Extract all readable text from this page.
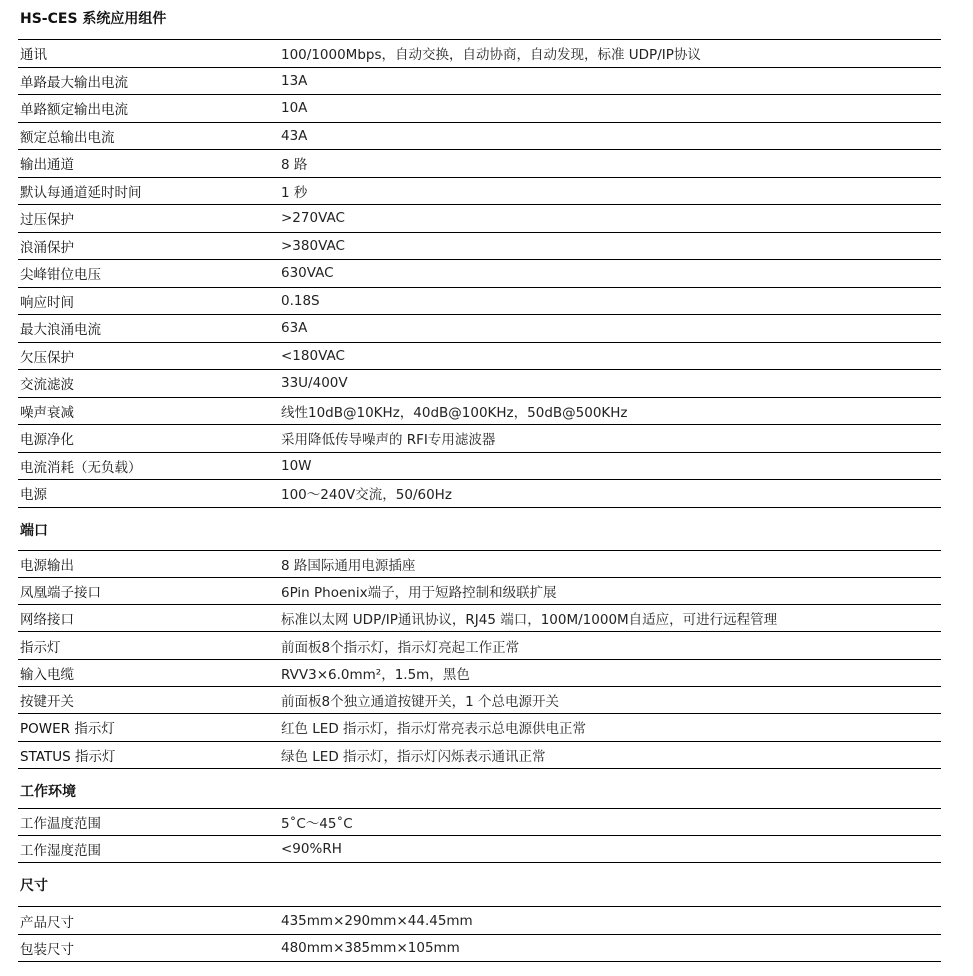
HS-CES 系统应用组件
通讯	100/1000Mbps，自动交换，自动协商，自动发现，标准 UDP/IP协议
单路最大输出电流	13A
单路额定输出电流	10A
额定总输出电流	43A
输出通道	8 路
默认每通道延时时间	1 秒
过压保护	>270VAC
浪涌保护	>380VAC
尖峰钳位电压	630VAC
响应时间	0.18S
最大浪涌电流	63A
欠压保护	<180VAC
交流滤波	33U/400V
噪声衰减	线性10dB@10KHz，40dB@100KHz，50dB@500KHz
电源净化	采用降低传导噪声的 RFI专用滤波器
电流消耗（无负载）	10W
电源	100～240V交流，50/60Hz
端口
电源输出	8 路国际通用电源插座
凤凰端子接口	6Pin Phoenix端子，用于短路控制和级联扩展
网络接口	标准以太网 UDP/IP通讯协议，RJ45 端口，100M/1000M自适应，可进行远程管理
指示灯	前面板8个指示灯，指示灯亮起工作正常
输入电缆	RVV3×6.0mm²，1.5m，黑色
按键开关	前面板8个独立通道按键开关，1 个总电源开关
POWER 指示灯	红色 LED 指示灯，指示灯常亮表示总电源供电正常
STATUS 指示灯	绿色 LED 指示灯，指示灯闪烁表示通讯正常
工作环境
工作温度范围	5˚C～45˚C
工作湿度范围	<90%RH
尺寸
产品尺寸	435mm×290mm×44.45mm
包装尺寸	480mm×385mm×105mm
